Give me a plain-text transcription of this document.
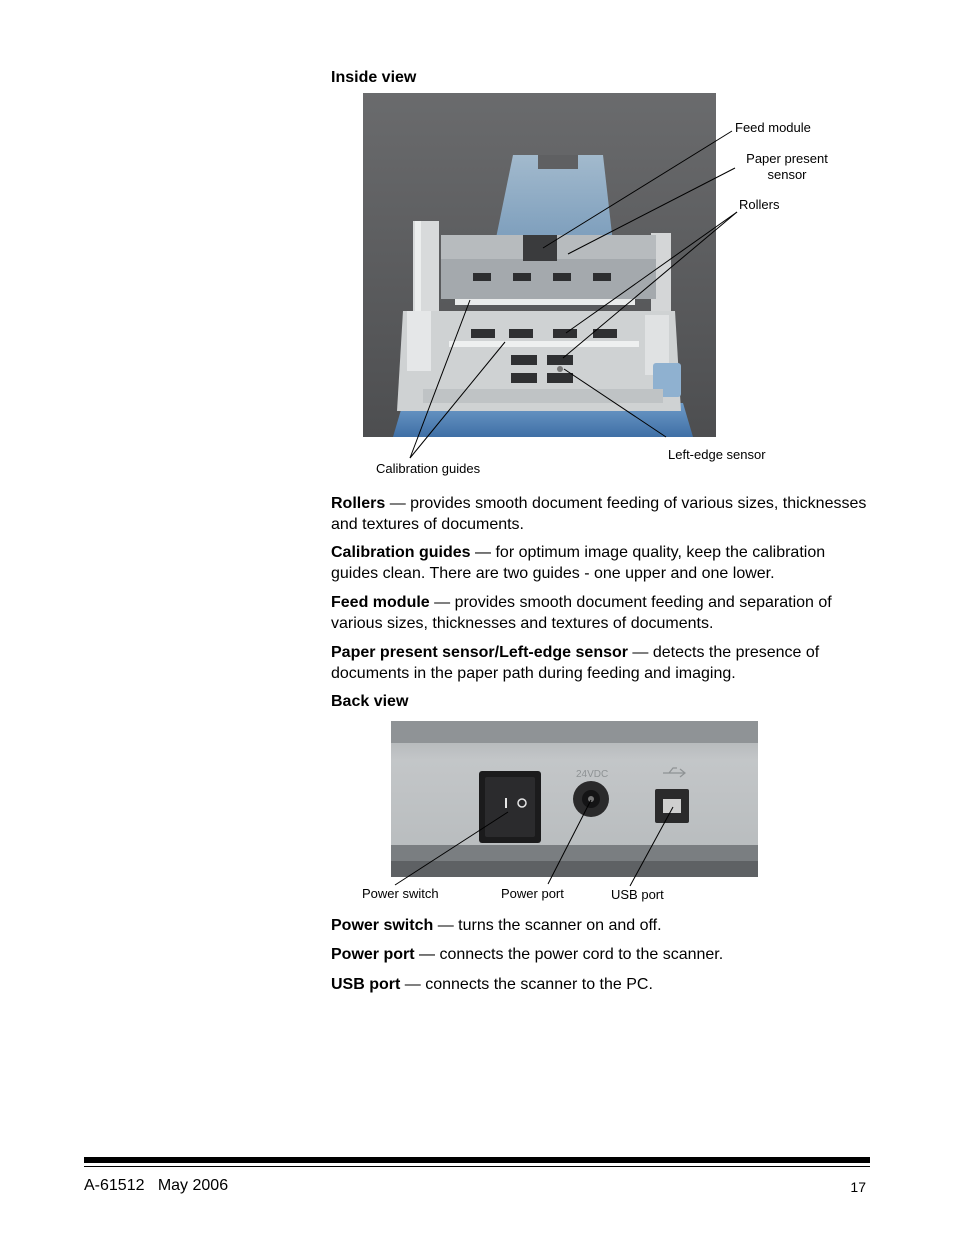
Inside view
Feed module
Paper present
sensor
Rollers
Left-edge sensor
Calibration guides
Rollers — provides smooth document feeding of various sizes, thicknesses and textures of documents.
Calibration guides — for optimum image quality, keep the calibration guides clean. There are two guides - one upper and one lower.
Feed module — provides smooth document feeding and separation of various sizes, thicknesses and textures of documents.
Paper present sensor/Left-edge sensor — detects the presence of documents in the paper path during feeding and imaging.
Back view
24VDC
Power switch	Power port	USB port
Power switch — turns the scanner on and off.
Power port — connects the power cord to the scanner.
USB port — connects the scanner to the PC.
A-61512   May 2006	17
